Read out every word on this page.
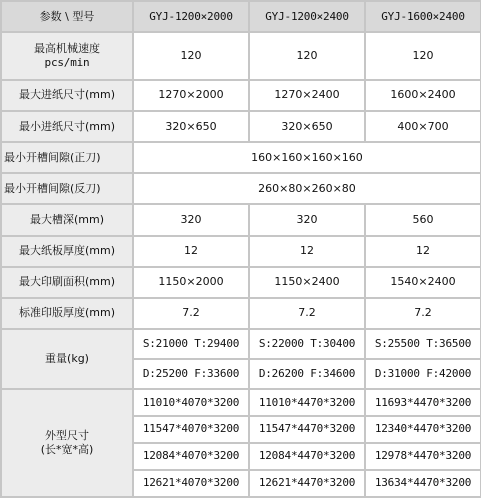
参数 \ 型号	GYJ-1200×2000	GYJ-1200×2400	GYJ-1600×2400

最高机械速度
pcs/min	120	120	120
最大进纸尺寸(mm)	1270×2000	1270×2400	1600×2400
最小进纸尺寸(mm)	320×650	320×650	400×700
最小开槽间隙(正刀)	160×160×160×160		
最小开槽间隙(反刀)	260×80×260×80		
最大槽深(mm)	320	320	560
最大纸板厚度(mm)	12	12	12
最大印刷面积(mm)	1150×2000	1150×2400	1540×2400
标准印版厚度(mm)	7.2	7.2	7.2
重量(kg)	S:21000 T:29400	S:22000 T:30400	S:25500 T:36500
	D:25200 F:33600	D:26200 F:34600	D:31000 F:42000

外型尺寸
(长*宽*高)	11010*4070*3200	11010*4470*3200	11693*4470*3200
	11547*4070*3200	11547*4470*3200	12340*4470*3200
	12084*4070*3200	12084*4470*3200	12978*4470*3200
	12621*4070*3200	12621*4470*3200	13634*4470*3200
